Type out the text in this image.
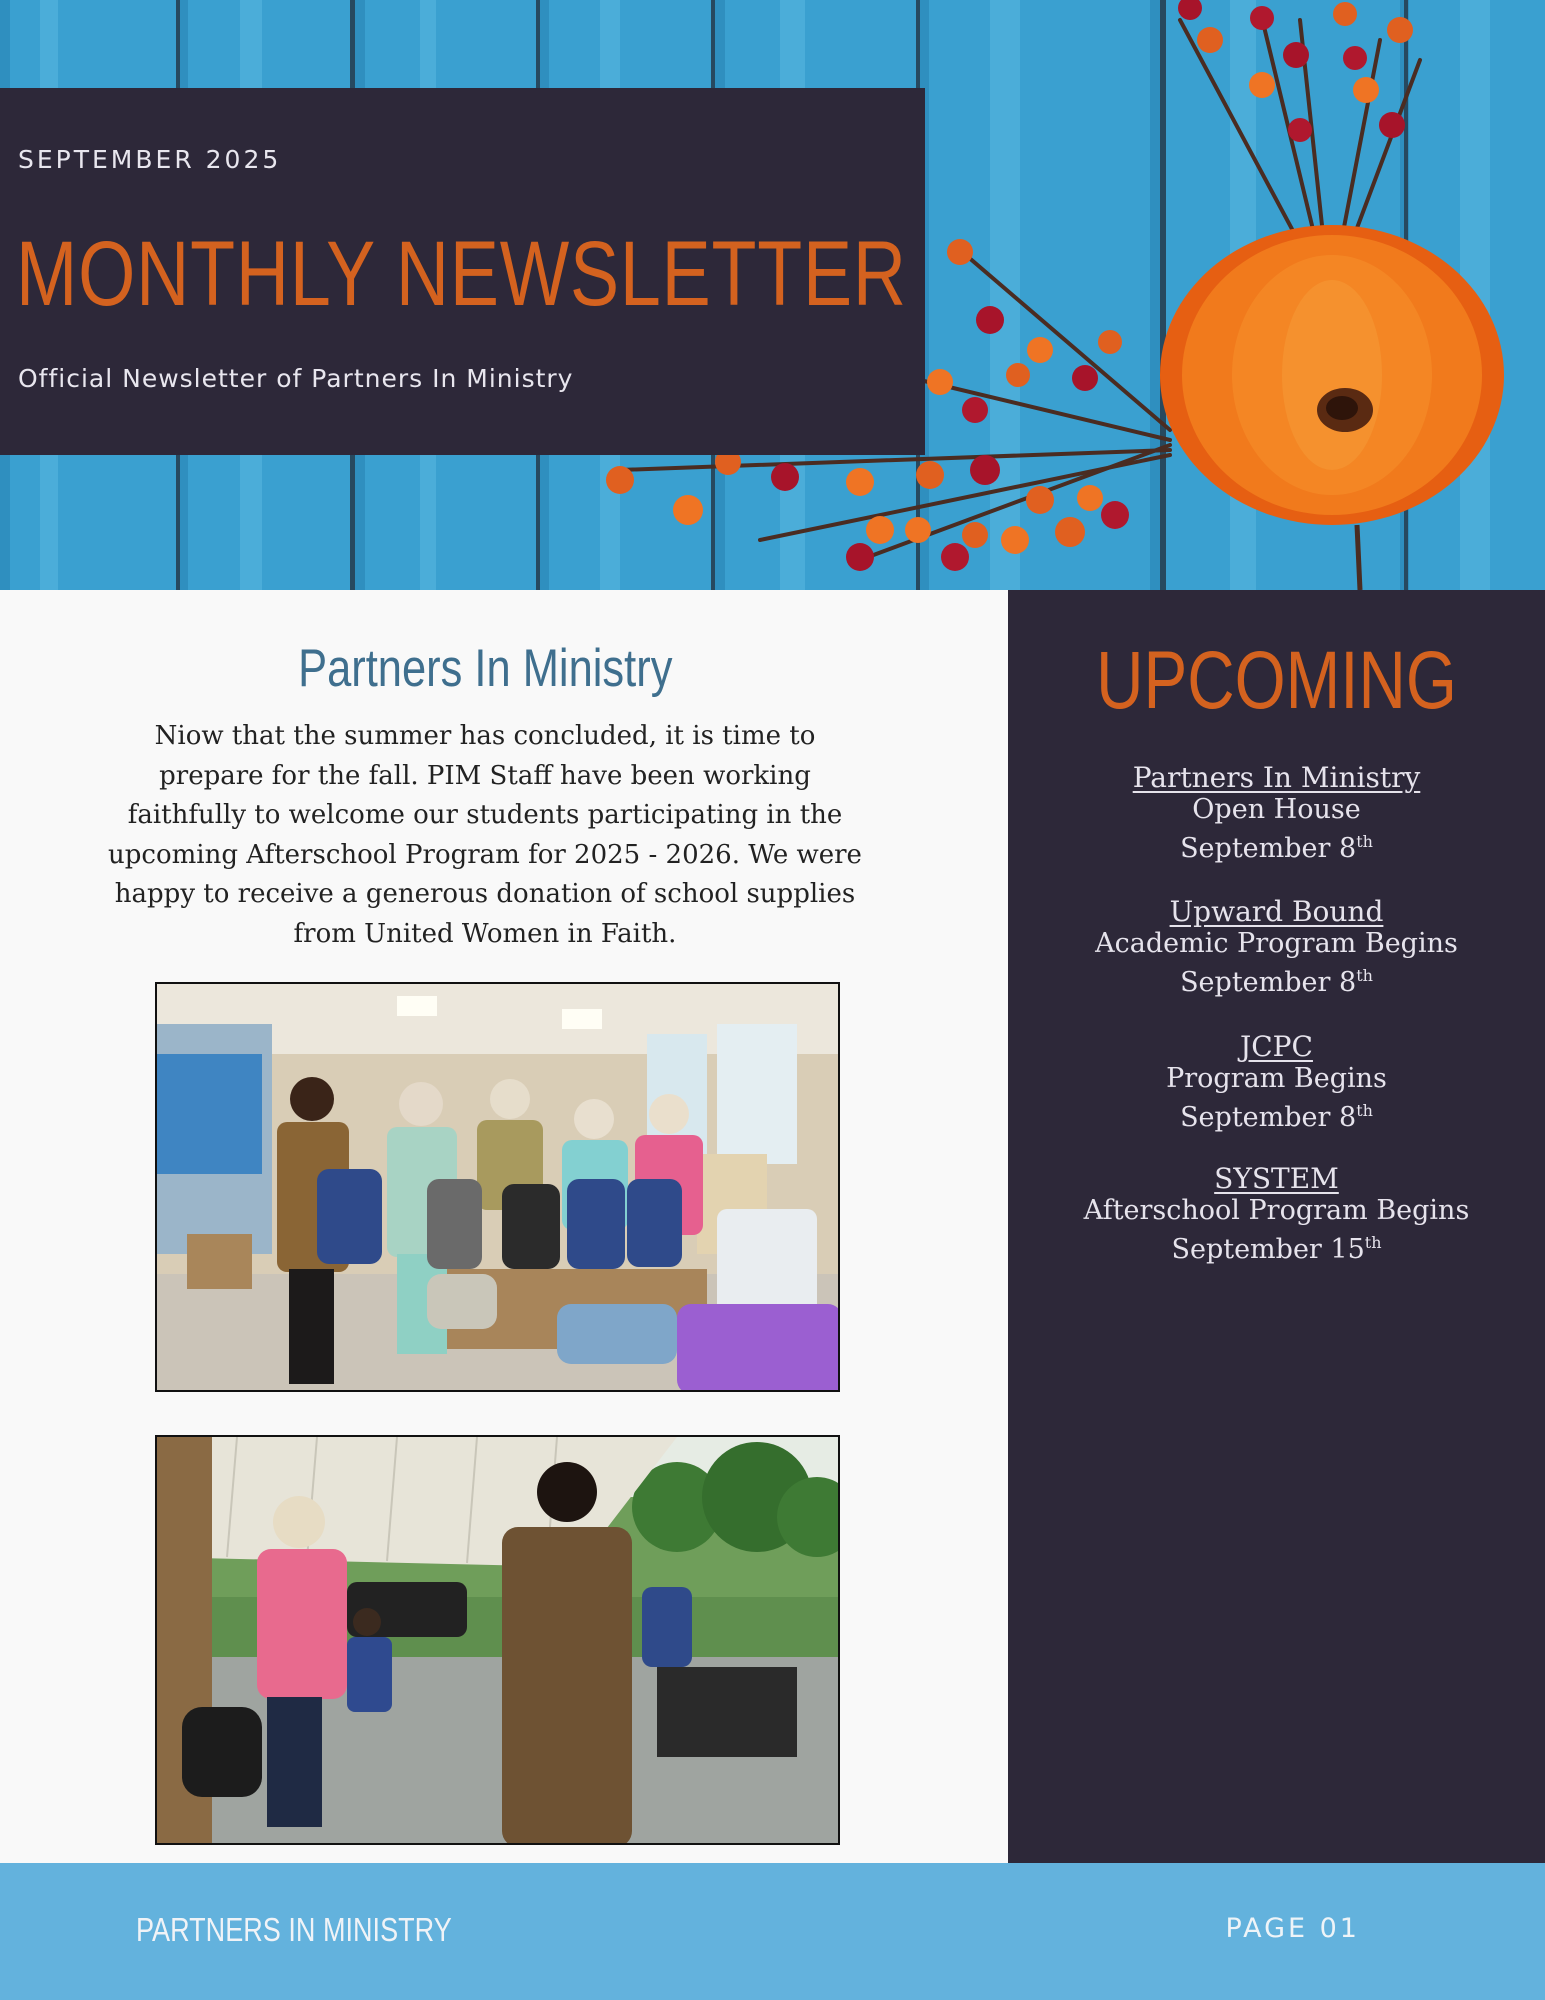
SEPTEMBER 2025
MONTHLY NEWSLETTER
Official Newsletter of Partners In Ministry
Partners In Ministry

Niow that the summer has concluded, it is time to prepare for the fall. PIM Staff have been working faithfully to welcome our students participating in the upcoming Afterschool Program for 2025 - 2026. We were happy to receive a generous donation of school supplies from United Women in Faith.

UPCOMING
Partners In Ministry
Open House
September 8th
Upward Bound
Academic Program Begins
September 8th
JCPC
Program Begins
September 8th
SYSTEM
Afterschool Program Begins
September 15th
PARTNERS IN MINISTRY	PAGE 01
